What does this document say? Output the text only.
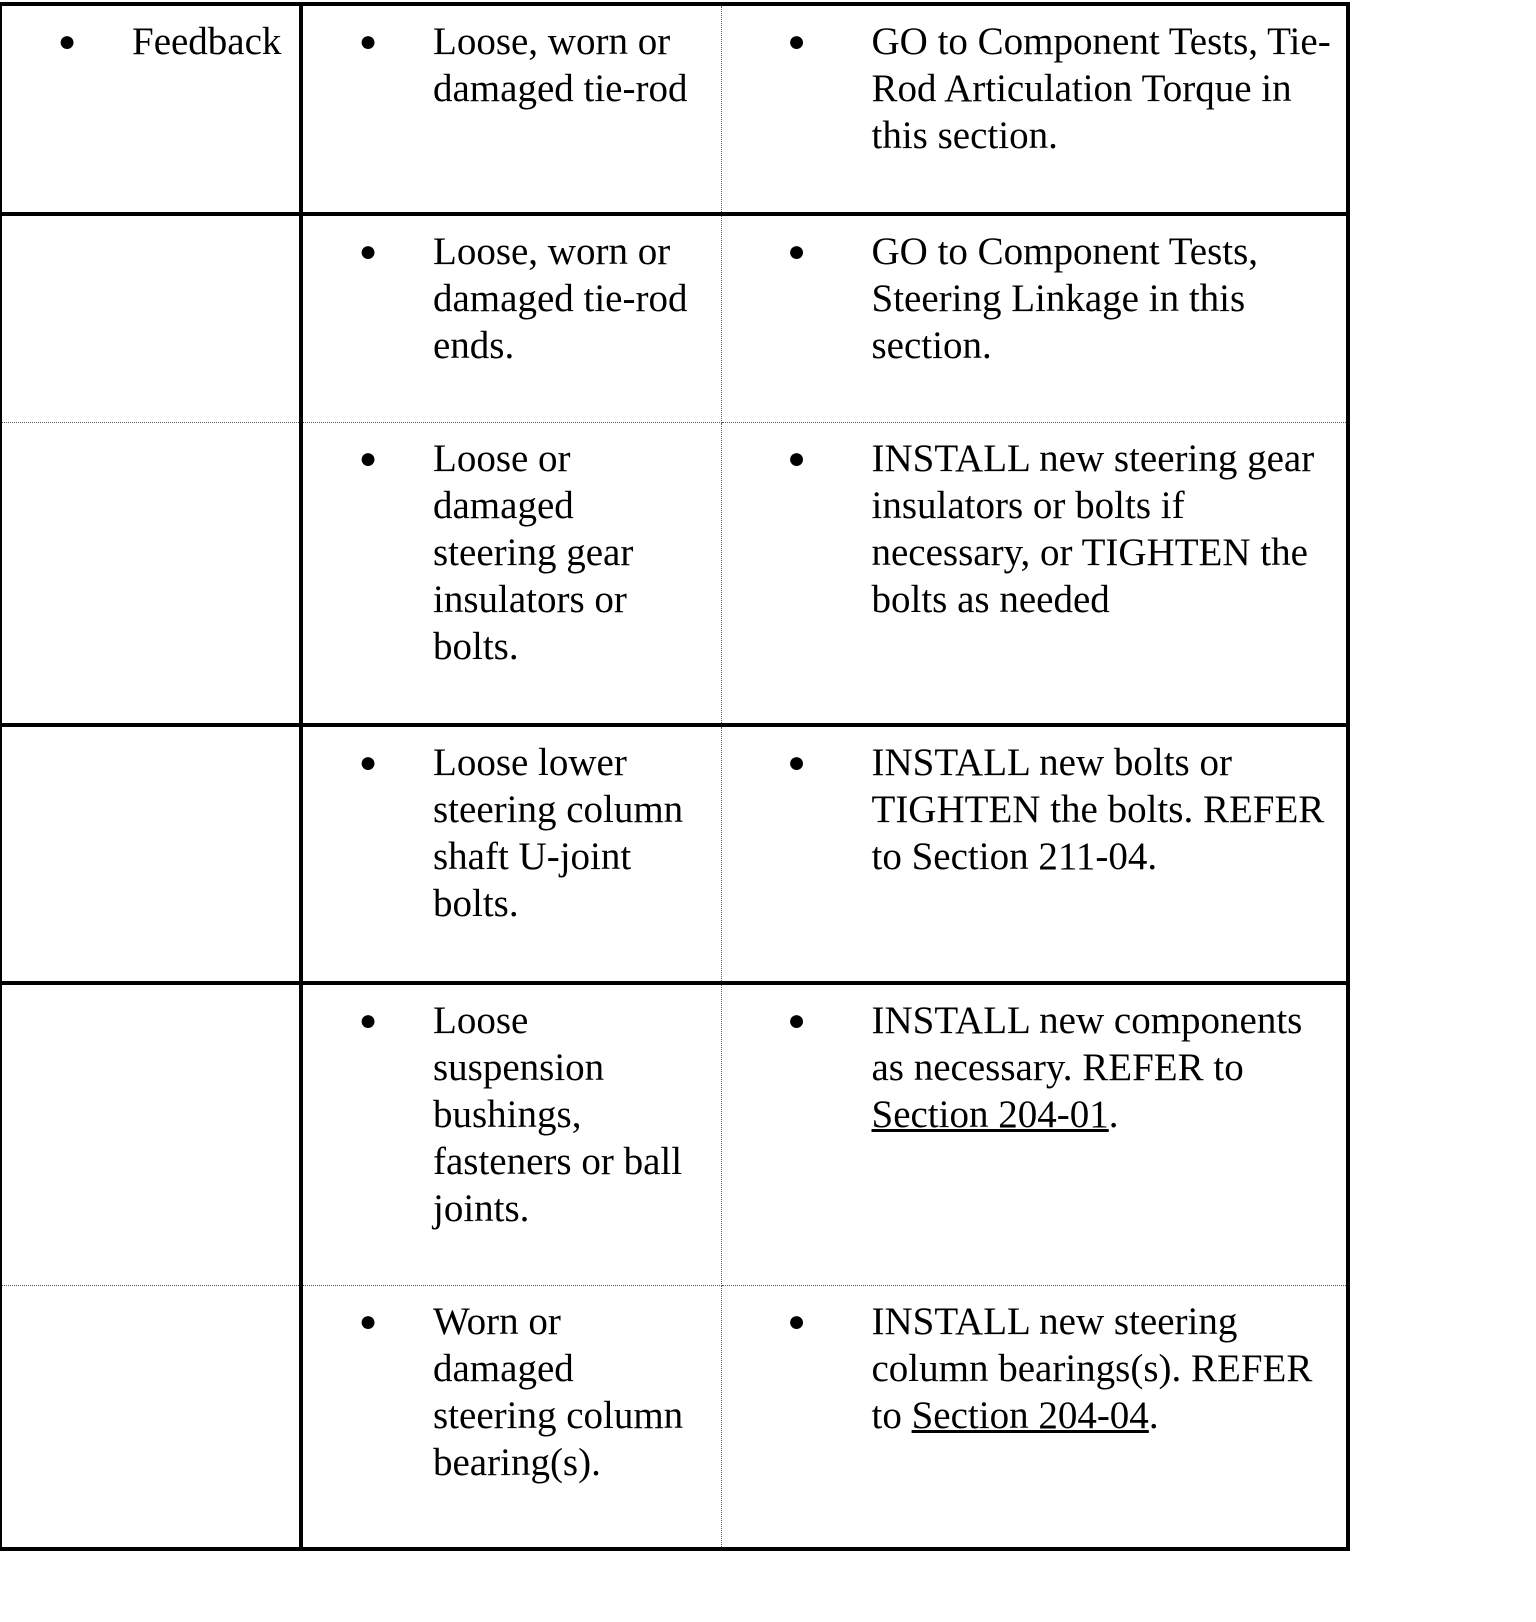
● Feedback	● Loose, worn or damaged tie-rod	● GO to Component Tests, Tie-Rod Articulation Torque in this section.

	● Loose, worn or damaged tie-rod ends.	● GO to Component Tests, Steering Linkage in this section.

	● Loose or damaged steering gear insulators or bolts.	● INSTALL new steering gear insulators or bolts if necessary, or TIGHTEN the bolts as needed

	● Loose lower steering column shaft U-joint bolts.	● INSTALL new bolts or TIGHTEN the bolts. REFER to Section 211-04.

	● Loose suspension bushings, fasteners or ball joints.	● INSTALL new components as necessary. REFER to Section 204-01.

	● Worn or damaged steering column bearing(s).	● INSTALL new steering column bearings(s). REFER to Section 204-04.
